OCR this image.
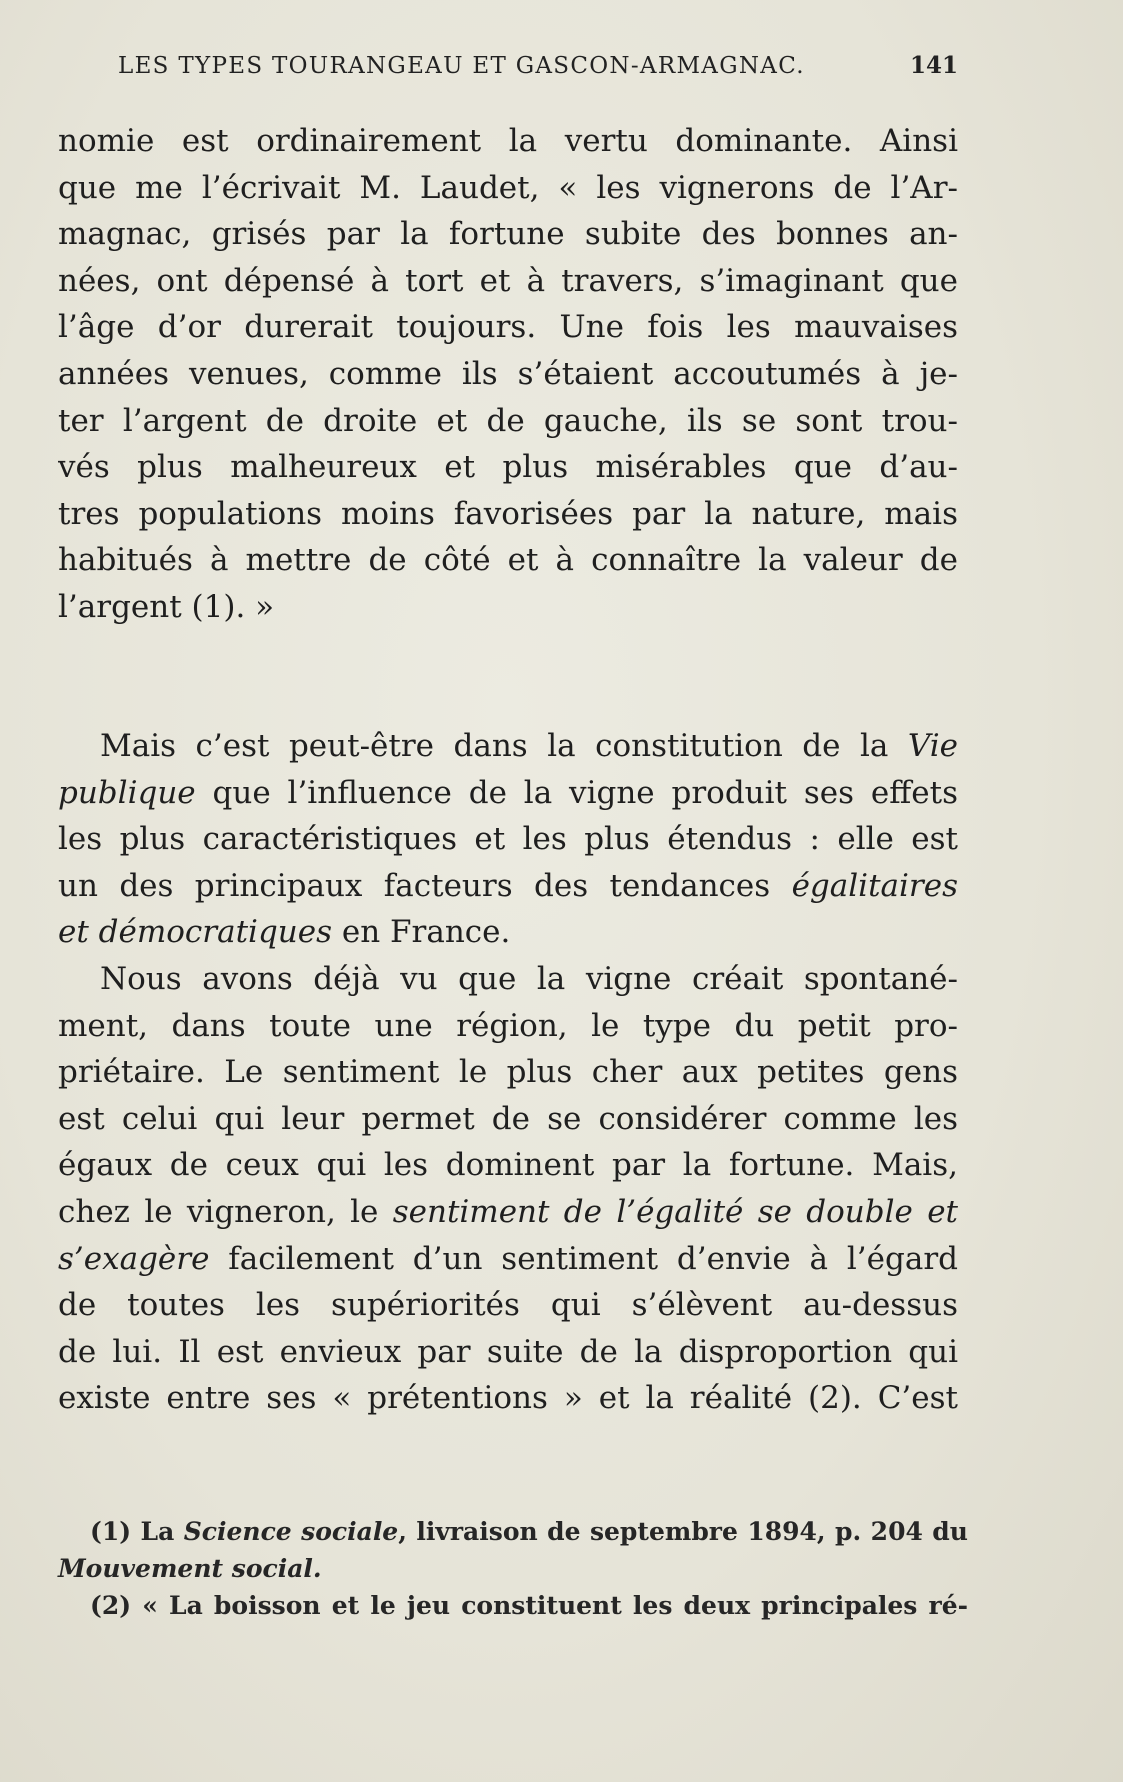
LES TYPES TOURANGEAU ET GASCON-ARMAGNAC.	141
nomie est ordinairement la vertu dominante. Ainsi
que me l’écrivait M. Laudet, « les vignerons de l’Ar-
magnac, grisés par la fortune subite des bonnes an-
nées, ont dépensé à tort et à travers, s’imaginant que
l’âge d’or durerait toujours. Une fois les mauvaises
années venues, comme ils s’étaient accoutumés à je-
ter l’argent de droite et de gauche, ils se sont trou-
vés plus malheureux et plus misérables que d’au-
tres populations moins favorisées par la nature, mais
habitués à mettre de côté et à connaître la valeur de
l’argent (1). »
Mais c’est peut-être dans la constitution de la Vie
publique que l’influence de la vigne produit ses effets
les plus caractéristiques et les plus étendus : elle est
un des principaux facteurs des tendances égalitaires
et démocratiques en France.
Nous avons déjà vu que la vigne créait spontané-
ment, dans toute une région, le type du petit pro-
priétaire. Le sentiment le plus cher aux petites gens
est celui qui leur permet de se considérer comme les
égaux de ceux qui les dominent par la fortune. Mais,
chez le vigneron, le sentiment de l’égalité se double et
s’exagère facilement d’un sentiment d’envie à l’égard
de toutes les supériorités qui s’élèvent au-dessus
de lui. Il est envieux par suite de la disproportion qui
existe entre ses « prétentions » et la réalité (2). C’est
(1) La Science sociale, livraison de septembre 1894, p. 204 du
Mouvement social.
(2) « La boisson et le jeu constituent les deux principales ré-
